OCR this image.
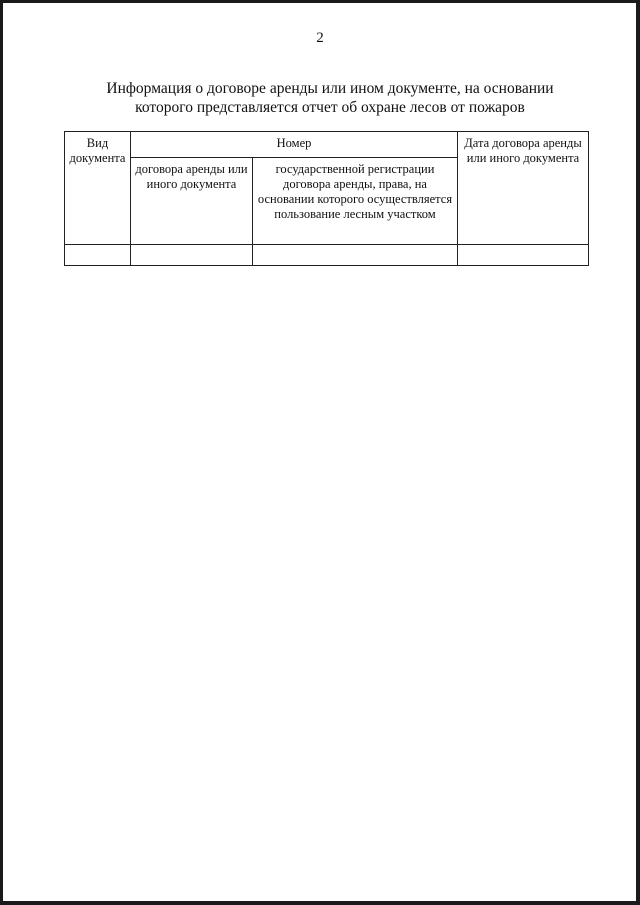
2
Информация о договоре аренды или ином документе, на основании
которого представляется отчет об охране лесов от пожаров
Вид документа	Номер		Дата договора аренды или иного документа
	договора аренды или иного документа	государственной регистрации договора аренды, права, на основании которого осуществляется пользование лесным участком	
